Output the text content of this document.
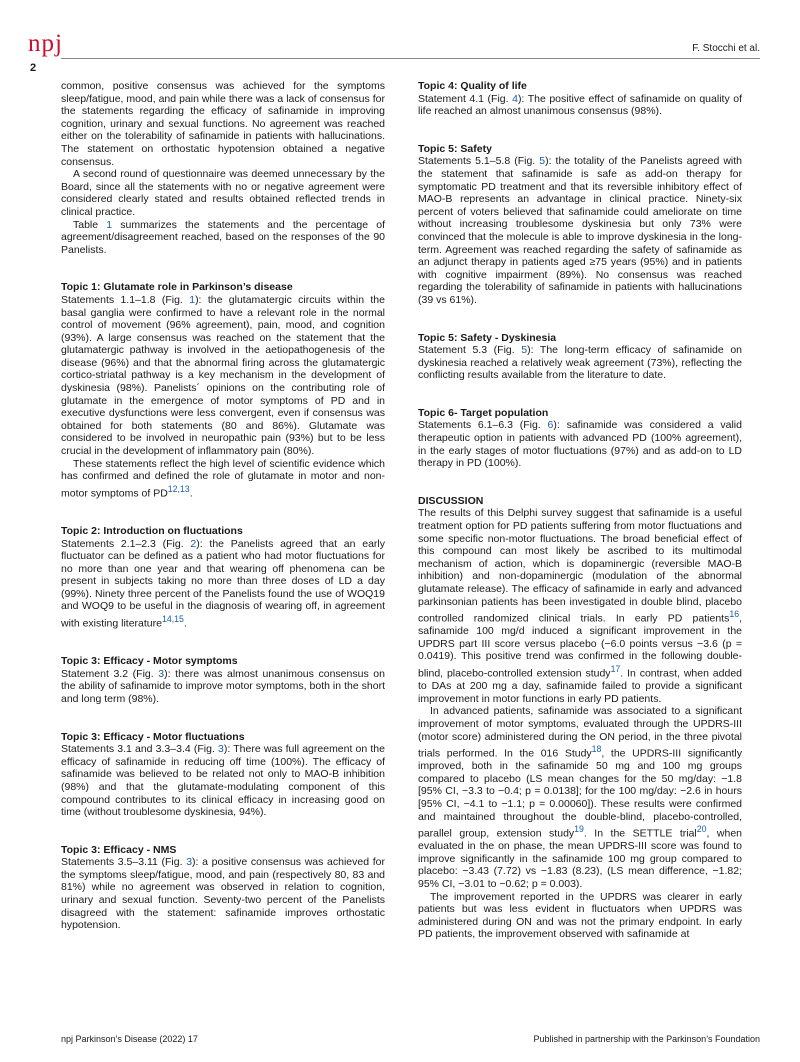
npj	F. Stocchi et al.
2

common, positive consensus was achieved for the symptoms sleep/fatigue, mood, and pain while there was a lack of consensus for the statements regarding the efficacy of safinamide in improving cognition, urinary and sexual functions. No agreement was reached either on the tolerability of safinamide in patients with hallucinations. The statement on orthostatic hypotension obtained a negative consensus.

A second round of questionnaire was deemed unnecessary by the Board, since all the statements with no or negative agreement were considered clearly stated and results obtained reflected trends in clinical practice.

Table 1 summarizes the statements and the percentage of agreement/disagreement reached, based on the responses of the 90 Panelists.

Topic 1: Glutamate role in Parkinson’s disease

Statements 1.1–1.8 (Fig. 1): the glutamatergic circuits within the basal ganglia were confirmed to have a relevant role in the normal control of movement (96% agreement), pain, mood, and cognition (93%). A large consensus was reached on the statement that the glutamatergic pathway is involved in the aetiopathogenesis of the disease (96%) and that the abnormal firing across the glutamatergic cortico-striatal pathway is a key mechanism in the development of dyskinesia (98%). Panelists´ opinions on the contributing role of glutamate in the emergence of motor symptoms of PD and in executive dysfunctions were less convergent, even if consensus was obtained for both statements (80 and 86%). Glutamate was considered to be involved in neuropathic pain (93%) but to be less crucial in the development of inflammatory pain (80%).

These statements reflect the high level of scientific evidence which has confirmed and defined the role of glutamate in motor and non-motor symptoms of PD$^{12,13}$.

Topic 2: Introduction on fluctuations

Statements 2.1–2.3 (Fig. 2): the Panelists agreed that an early fluctuator can be defined as a patient who had motor fluctuations for no more than one year and that wearing off phenomena can be present in subjects taking no more than three doses of LD a day (99%). Ninety three percent of the Panelists found the use of WOQ19 and WOQ9 to be useful in the diagnosis of wearing off, in agreement with existing literature$^{14,15}$.

Topic 3: Efficacy - Motor symptoms

Statement 3.2 (Fig. 3): there was almost unanimous consensus on the ability of safinamide to improve motor symptoms, both in the short and long term (98%).

Topic 3: Efficacy - Motor fluctuations

Statements 3.1 and 3.3–3.4 (Fig. 3): There was full agreement on the efficacy of safinamide in reducing off time (100%). The efficacy of safinamide was believed to be related not only to MAO-B inhibition (98%) and that the glutamate-modulating component of this compound contributes to its clinical efficacy in increasing good on time (without troublesome dyskinesia, 94%).

Topic 3: Efficacy - NMS

Statements 3.5–3.11 (Fig. 3): a positive consensus was achieved for the symptoms sleep/fatigue, mood, and pain (respectively 80, 83 and 81%) while no agreement was observed in relation to cognition, urinary and sexual function. Seventy-two percent of the Panelists disagreed with the statement: safinamide improves orthostatic hypotension.

Topic 4: Quality of life

Statement 4.1 (Fig. 4): The positive effect of safinamide on quality of life reached an almost unanimous consensus (98%).

Topic 5: Safety

Statements 5.1–5.8 (Fig. 5): the totality of the Panelists agreed with the statement that safinamide is safe as add-on therapy for symptomatic PD treatment and that its reversible inhibitory effect of MAO-B represents an advantage in clinical practice. Ninety-six percent of voters believed that safinamide could ameliorate on time without increasing troublesome dyskinesia but only 73% were convinced that the molecule is able to improve dyskinesia in the long-term. Agreement was reached regarding the safety of safinamide as an adjunct therapy in patients aged ≥75 years (95%) and in patients with cognitive impairment (89%). No consensus was reached regarding the tolerability of safinamide in patients with hallucinations (39 vs 61%).

Topic 5: Safety - Dyskinesia

Statement 5.3 (Fig. 5): The long-term efficacy of safinamide on dyskinesia reached a relatively weak agreement (73%), reflecting the conflicting results available from the literature to date.

Topic 6- Target population

Statements 6.1–6.3 (Fig. 6): safinamide was considered a valid therapeutic option in patients with advanced PD (100% agreement), in the early stages of motor fluctuations (97%) and as add-on to LD therapy in PD (100%).

DISCUSSION

The results of this Delphi survey suggest that safinamide is a useful treatment option for PD patients suffering from motor fluctuations and some specific non-motor fluctuations. The broad beneficial effect of this compound can most likely be ascribed to its multimodal mechanism of action, which is dopaminergic (reversible MAO-B inhibition) and non-dopaminergic (modulation of the abnormal glutamate release). The efficacy of safinamide in early and advanced parkinsonian patients has been investigated in double blind, placebo controlled randomized clinical trials. In early PD patients$^{16}$, safinamide 100 mg/d induced a significant improvement in the UPDRS part III score versus placebo (−6.0 points versus −3.6 (p = 0.0419). This positive trend was confirmed in the following double-blind, placebo-controlled extension study$^{17}$. In contrast, when added to DAs at 200 mg a day, safinamide failed to provide a significant improvement in motor functions in early PD patients.

In advanced patients, safinamide was associated to a significant improvement of motor symptoms, evaluated through the UPDRS-III (motor score) administered during the ON period, in the three pivotal trials performed. In the 016 Study$^{18}$, the UPDRS-III significantly improved, both in the safinamide 50 mg and 100 mg groups compared to placebo (LS mean changes for the 50 mg/day: −1.8 [95% CI, −3.3 to −0.4; p = 0.0138]; for the 100 mg/day: −2.6 in hours [95% CI, −4.1 to −1.1; p = 0.00060]). These results were confirmed and maintained throughout the double-blind, placebo-controlled, parallel group, extension study$^{19}$. In the SETTLE trial$^{20}$, when evaluated in the on phase, the mean UPDRS-III score was found to improve significantly in the safinamide 100 mg group compared to placebo: −3.43 (7.72) vs −1.83 (8.23), (LS mean difference, −1.82; 95% CI, −3.01 to −0.62; p = 0.003).

The improvement reported in the UPDRS was clearer in early patients but was less evident in fluctuators when UPDRS was administered during ON and was not the primary endpoint. In early PD patients, the improvement observed with safinamide at

npj Parkinson’s Disease (2022) 17	Published in partnership with the Parkinson’s Foundation
